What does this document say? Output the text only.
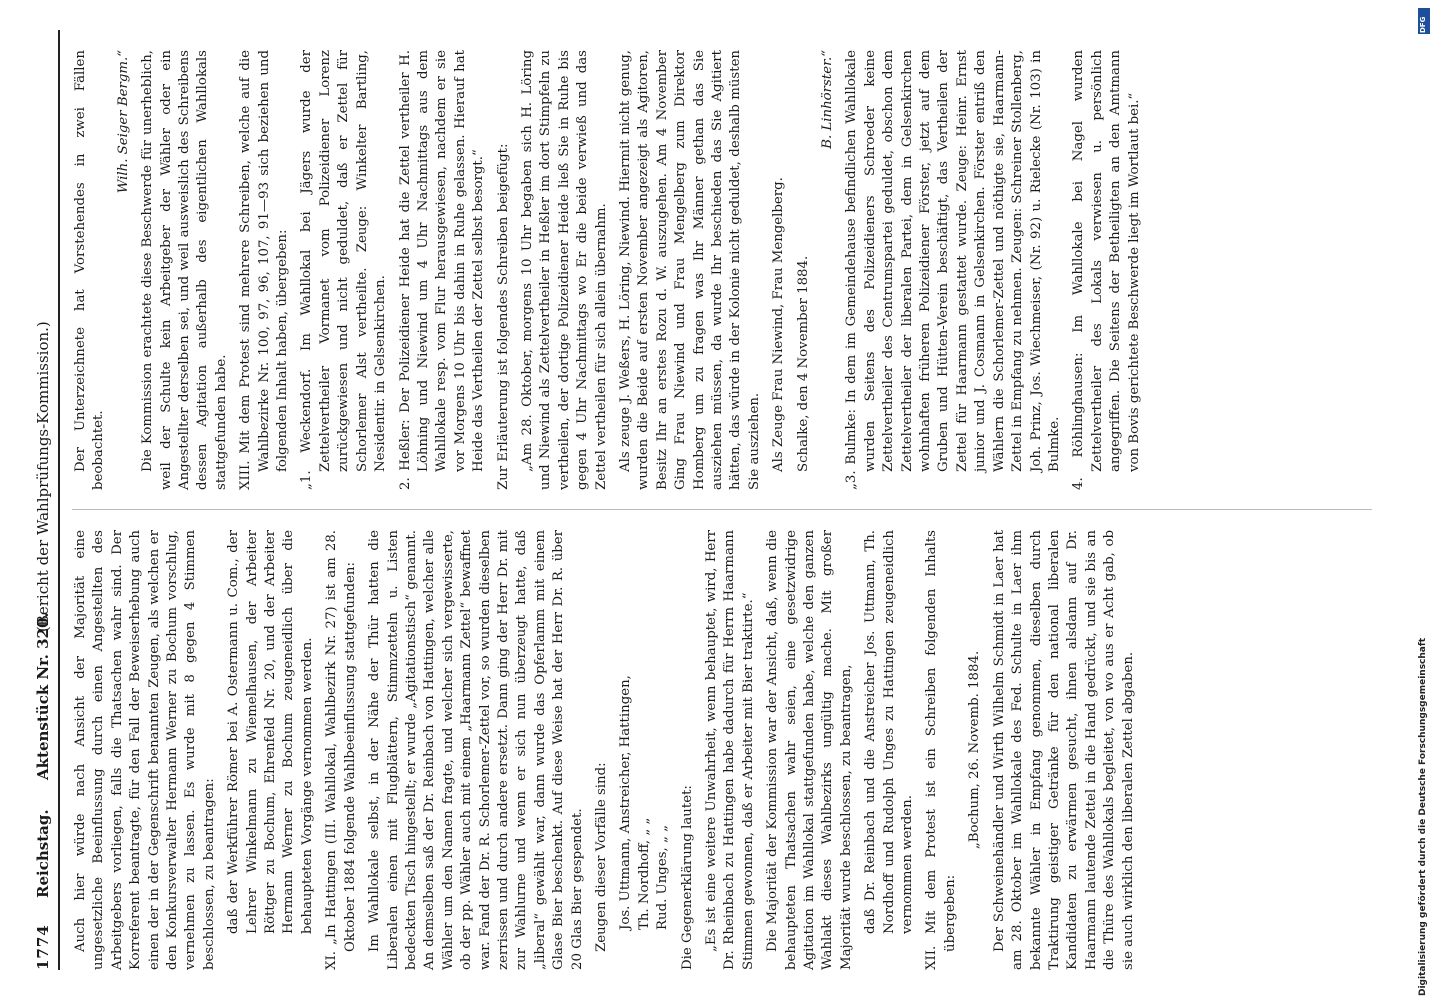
1774
Reichstag.
Aktenstück Nr. 320.
(Bericht der Wahlprüfungs-Kommission.)

Auch hier würde nach Ansicht der Majorität eine ungesetzliche Beeinflussung durch einen Angestellten des Arbeitgebers vorliegen, falls die Thatsachen wahr sind. Der Korreferent beantragte, für den Fall der Beweiserhebung auch einen der in der Gegenschrift benannten Zeugen, als welchen er den Konkursverwalter Hermann Werner zu Bochum vorschlug, vernehmen zu lassen. Es wurde mit 8 gegen 4 Stimmen beschlossen, zu beantragen: daß der Werkführer Römer bei A. Ostermann u. Com., der Lehrer Winkelmann zu Wiemelhausen, der Arbeiter Röttger zu Bochum, Ehrenfeld Nr. 20, und der Arbeiter Hermann Werner zu Bochum zeugeneidlich über die behaupteten Vorgänge vernommen werden. XI. „In Hattingen (III. Wahllokal, Wahlbezirk Nr. 27) ist am 28. Oktober 1884 folgende Wahlbeeinflussung stattgefunden: Im Wahllokale selbst, in der Nähe der Thür hatten die Liberalen einen mit Flugblättern, Stimmzetteln u. Listen bedeckten Tisch hingestellt; er wurde „Agitationstisch“ genannt. An demselben saß der Dr. Reinbach von Hattingen, welcher alle Wähler um den Namen fragte, und welcher sich vergewisserte, ob der pp. Wähler auch mit einem „Haarmann Zettel“ bewaffnet war. Fand der Dr. R. Schorlemer-Zettel vor, so wurden dieselben zerrissen und durch andere ersetzt. Dann ging der Herr Dr. mit zur Wahlurne und wenn er sich nun überzeugt hatte, daß „liberal“ gewählt war, dann wurde das Opferlamm mit einem Glase Bier beschenkt. Auf diese Weise hat der Herr Dr. R. über 20 Glas Bier gespendet. Zeugen dieser Vorfälle sind: Jos. Uttmann, Anstreicher, Hattingen, Th. Nordhoff, „ „ Rud. Unges, „ „ Die Gegenerklärung lautet: „Es ist eine weitere Unwahrheit, wenn behauptet, wird, Herr Dr. Rheinbach zu Hattingen habe dadurch für Herrn Haarmann Stimmen gewonnen, daß er Arbeiter mit Bier traktirte.“ Die Majorität der Kommission war der Ansicht, daß, wenn die behaupteten Thatsachen wahr seien, eine gesetzwidrige Agitation im Wahllokal stattgefunden habe, welche den ganzen Wahlakt dieses Wahlbezirks ungültig mache. Mit großer Majorität wurde beschlossen, zu beantragen, daß Dr. Reinbach und die Anstreicher Jos. Uttmann, Th. Nordhoff und Rudolph Unges zu Hattingen zeugeneidlich vernommen werden. XII. Mit dem Protest ist ein Schreiben folgenden Inhalts übergeben:

„Bochum, 26. Novemb. 1884. Der Schweinehändler und Wirth Wilhelm Schmidt in Laer hat am 28. Oktober im Wahllokale des Fed. Schulte in Laer ihm bekannte Wähler in Empfang genommen, dieselben durch Traktirung geistiger Getränke für den national liberalen Kandidaten zu erwärmen gesucht, ihnen alsdann auf Dr. Haarmann lautende Zettel in die Hand gedrückt, und sie bis an die Thüre des Wahllokals begleitet, von wo aus er Acht gab, ob sie auch wirklich den liberalen Zettel abgaben.

Der Unterzeichnete hat Vorstehendes in zwei Fällen beobachtet.

Wilh. Seiger Bergm.“ Die Kommission erachtete diese Beschwerde für unerheblich, weil der Schulte kein Arbeitgeber der Wähler oder ein Angestellter derselben sei, und weil ausweislich des Schreibens dessen Agitation außerhalb des eigentlichen Wahllokals stattgefunden habe. XIII. Mit dem Protest sind mehrere Schreiben, welche auf die Wahlbezirke Nr. 100, 97, 96, 107, 91—93 sich beziehen und folgenden Inhalt haben, übergeben: „1. Weckendorf. Im Wahllokal bei Jägers wurde der Zettelvertheiler Vormanet vom Polizeidiener Lorenz zurückgewiesen und nicht geduldet, daß er Zettel für Schorlemer Alst vertheilte. Zeuge: Winkelter Bartling, Nesidentir. in Gelsenkirchen. 2. Heßler: Der Polizeidiener Heide hat die Zettel vertheiler H. Löhning und Niewind um 4 Uhr Nachmittags aus dem Wahllokale resp. vom Flur herausgewiesen, nachdem er sie vor Morgens 10 Uhr bis dahin in Ruhe gelassen. Hierauf hat Heide das Vertheilen der Zettel selbst besorgt.“ Zur Erläuterung ist folgendes Schreiben beigefügt: „Am 28. Oktober, morgens 10 Uhr begaben sich H. Löring und Niewind als Zettelvertheiler in Heßler im dort Stimpfeln zu vertheilen, der dortige Polizeidiener Heide ließ Sie in Ruhe bis gegen 4 Uhr Nachmittags wo Er die beide verwieß und das Zettel vertheilen für sich allein übernahm. Als zeuge J. Weßers, H. Löring, Niewind. Hiermit nicht genug, wurden die Beide auf ersten November angezeigt als Agitoren, Besitz Ihr an erstes Rozu d. W. auszugehen. Am 4 November Ging Frau Niewind und Frau Mengelberg zum Direktor Homberg um zu fragen was Ihr Männer gethan das Sie ausziehen müssen, da wurde Ihr beschieden das Sie Agitiert hätten, das würde in der Kolonie nicht geduldet, deshalb müsten Sie ausziehen. Als Zeuge Frau Niewind, Frau Mengelberg. Schalke, den 4 November 1884.

B. Linhörster.“ „3. Bulmke: In dem im Gemeindehause befindlichen Wahllokale wurden Seitens des Polizeidieners Schroeder keine Zettelvertheiler des Centrumspartei geduldet, obschon dem Zettelvertheiler der liberalen Partei, dem in Gelsenkirchen wohnhaften früheren Polizeidiener Förster, jetzt auf dem Gruben und Hütten-Verein beschäftigt, das Vertheilen der Zettel für Haarmann gestattet wurde. Zeuge: Heinr. Ernst junior und J. Cosmann in Gelsenkirchen. Förster entriß den Wählern die Schorlemer-Zettel und nöthigte sie, Haarmann-Zettel in Empfang zu nehmen. Zeugen: Schreiner Stollenberg, Joh. Prinz, Jos. Wiechmeiser, (Nr. 92) u. Rielecke (Nr. 103) in Bulmke. 4. Röhlinghausen: Im Wahllokale bei Nagel wurden Zettelvertheiler des Lokals verwiesen u. persönlich angegriffen. Die Seitens der Betheiligten an den Amtmann von Bovis gerichtete Beschwerde liegt im Wortlaut bei.“

Digitalisierung gefördert durch die Deutsche Forschungsgemeinschaft
DFG
